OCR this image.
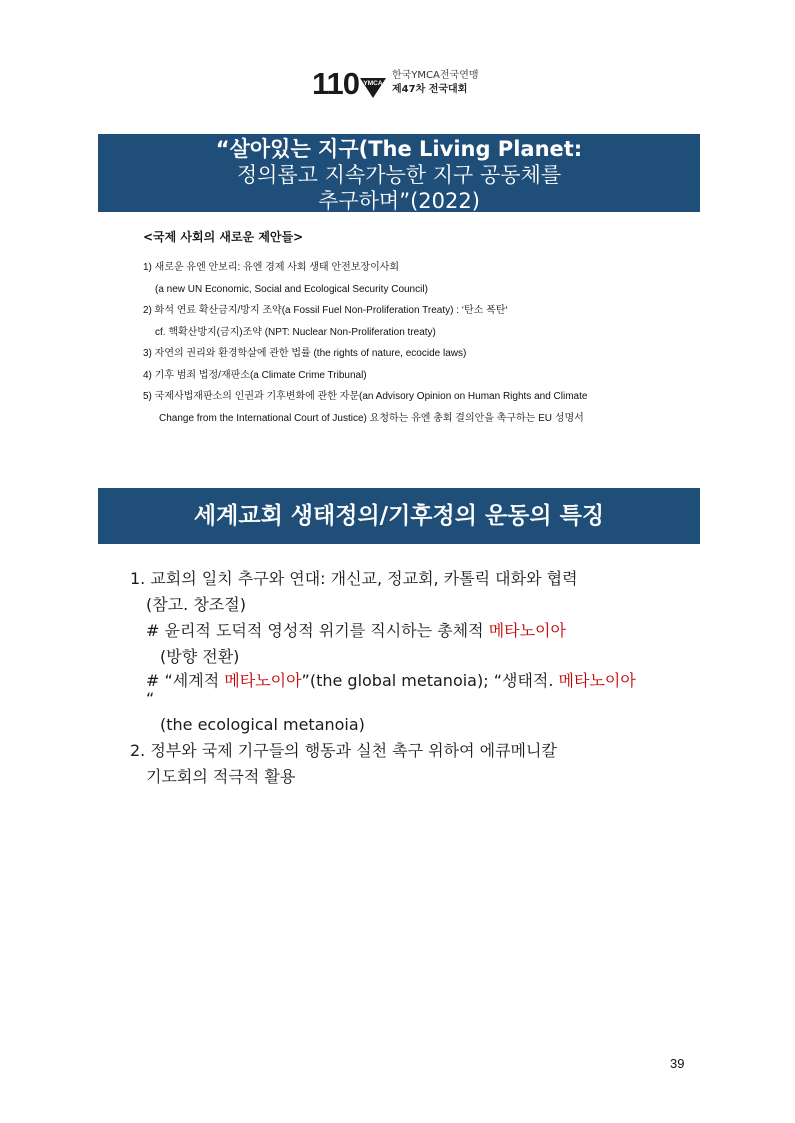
110 YMCA
한국YMCA전국연맹
제47차 전국대회
“살아있는 지구(The Living Planet:
정의롭고 지속가능한 지구 공동체를
추구하며”(2022)
<국제 사회의 새로운 제안들>
1) 새로운 유엔 안보리: 유엔 경제 사회 생태 안전보장이사회
(a new UN Economic, Social and Ecological Security Council)
2) 화석 연료 확산금지/방지 조약(a Fossil Fuel Non-Proliferation Treaty) : ‘탄소 폭탄‘
cf. 핵확산방지(금지)조약 (NPT: Nuclear Non-Proliferation treaty)
3) 자연의 권리와 환경학살에 관한 법률 (the rights of nature, ecocide laws)
4) 기후 범죄 법정/재판소(a Climate Crime Tribunal)
5) 국제사법재판소의 인권과 기후변화에 관한 자문(an Advisory Opinion on Human Rights and Climate
Change from the International Court of Justice) 요청하는 유엔 총회 결의안을 촉구하는 EU 성명서
세계교회 생태정의/기후정의 운동의 특징
1. 교회의 일치 추구와 연대: 개신교, 정교회, 카톨릭 대화와 협력
(참고. 창조절)
# 윤리적 도덕적 영성적 위기를 직시하는 총체적 메타노이아
(방향 전환)
# “세계적 메타노이아”(the global metanoia); “생태적. 메타노이아
“
(the ecological metanoia)
2. 정부와 국제 기구들의 행동과 실천 촉구 위하여 에큐메니칼
기도회의 적극적 활용
39
